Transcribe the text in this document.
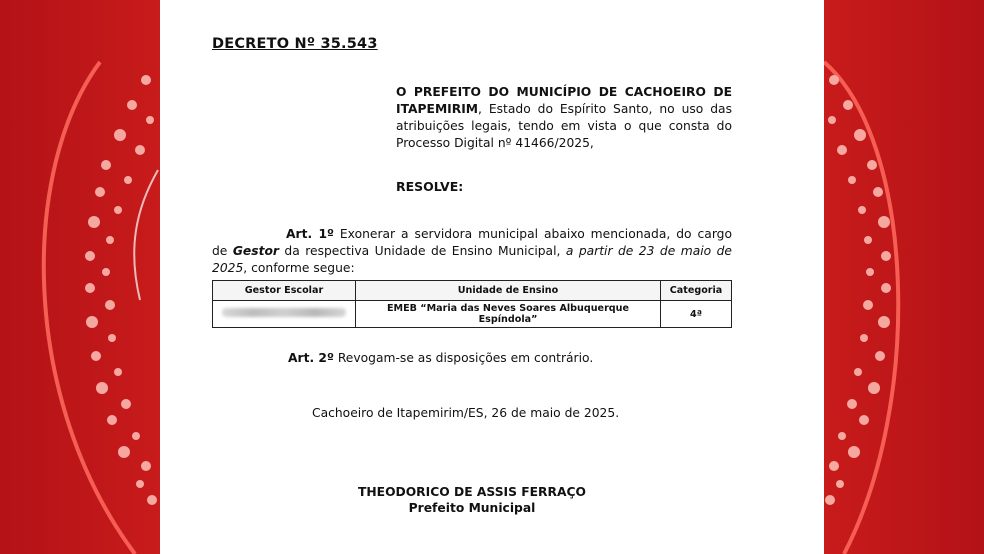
DECRETO Nº 35.543
O PREFEITO DO MUNICÍPIO DE CACHOEIRO DE ITAPEMIRIM, Estado do Espírito Santo, no uso das atribuições legais, tendo em vista o que consta do Processo Digital nº 41466/2025,
RESOLVE:
Art. 1º Exonerar a servidora municipal abaixo mencionada, do cargo de Gestor da respectiva Unidade de Ensino Municipal, a partir de 23 de maio de 2025, conforme segue:
Gestor Escolar	Unidade de Ensino	Categoria
	EMEB “Maria das Neves Soares Albuquerque Espíndola”	4ª
Art. 2º Revogam-se as disposições em contrário.
Cachoeiro de Itapemirim/ES, 26 de maio de 2025.
THEODORICO DE ASSIS FERRAÇO
Prefeito Municipal
